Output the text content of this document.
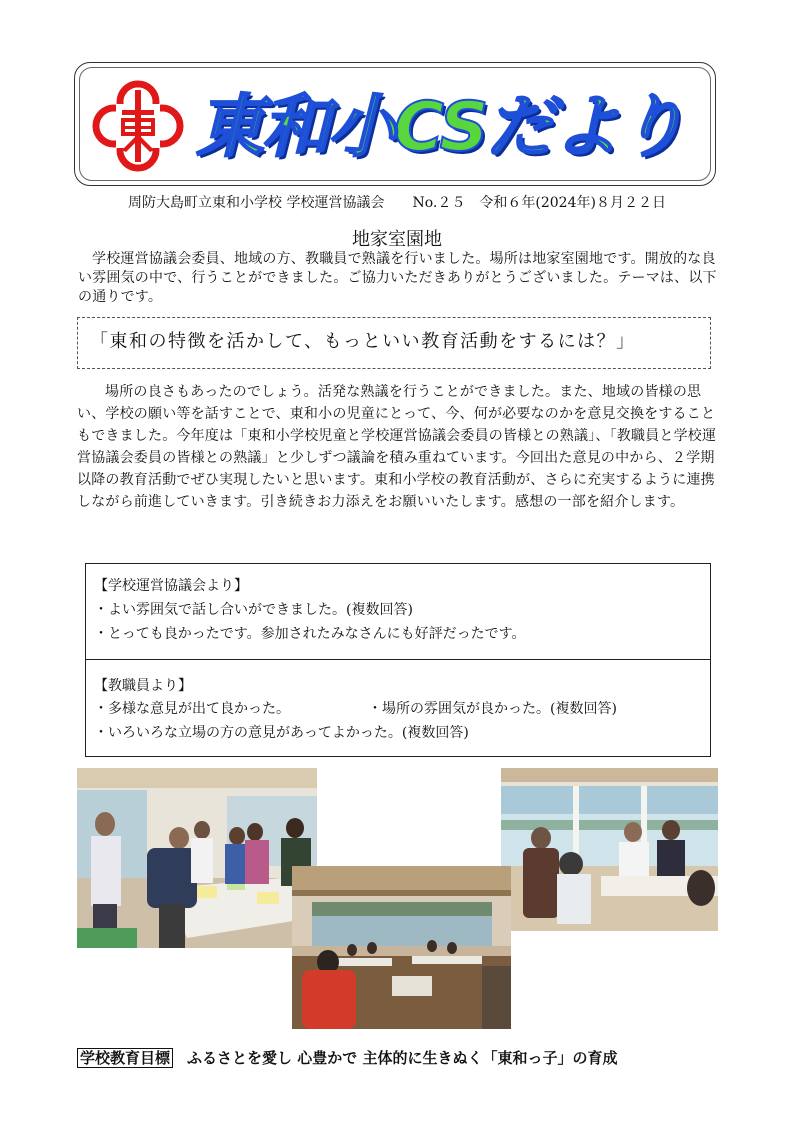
東和小CSだより
周防大島町立東和小学校 学校運営協議会　　 No.２５　 令和６年(2024年)８月２２日
地家室園地
学校運営協議会委員、地域の方、教職員で熟議を行いました。場所は地家室園地です。開放的な良い雰囲気の中で、行うことができました。ご協力いただきありがとうございました。テーマは、以下の通りです。
「東和の特徴を活かして、もっといい教育活動をするには？」
場所の良さもあったのでしょう。活発な熟議を行うことができました。また、地域の皆様の思い、学校の願い等を話すことで、東和小の児童にとって、今、何が必要なのかを意見交換をすることもできました。今年度は「東和小学校児童と学校運営協議会委員の皆様との熟議」、「教職員と学校運営協議会委員の皆様との熟議」と少しずつ議論を積み重ねています。今回出た意見の中から、２学期以降の教育活動でぜひ実現したいと思います。東和小学校の教育活動が、さらに充実するように連携しながら前進していきます。引き続きお力添えをお願いいたします。感想の一部を紹介します。
【学校運営協議会より】
・よい雰囲気で話し合いができました。(複数回答)
・とっても良かったです。参加されたみなさんにも好評だったです。
【教職員より】
・多様な意見が出て良かった。	・場所の雰囲気が良かった。(複数回答)
・いろいろな立場の方の意見があってよかった。(複数回答)
学校教育目標 ふるさとを愛し 心豊かで 主体的に生きぬく「東和っ子」の育成
